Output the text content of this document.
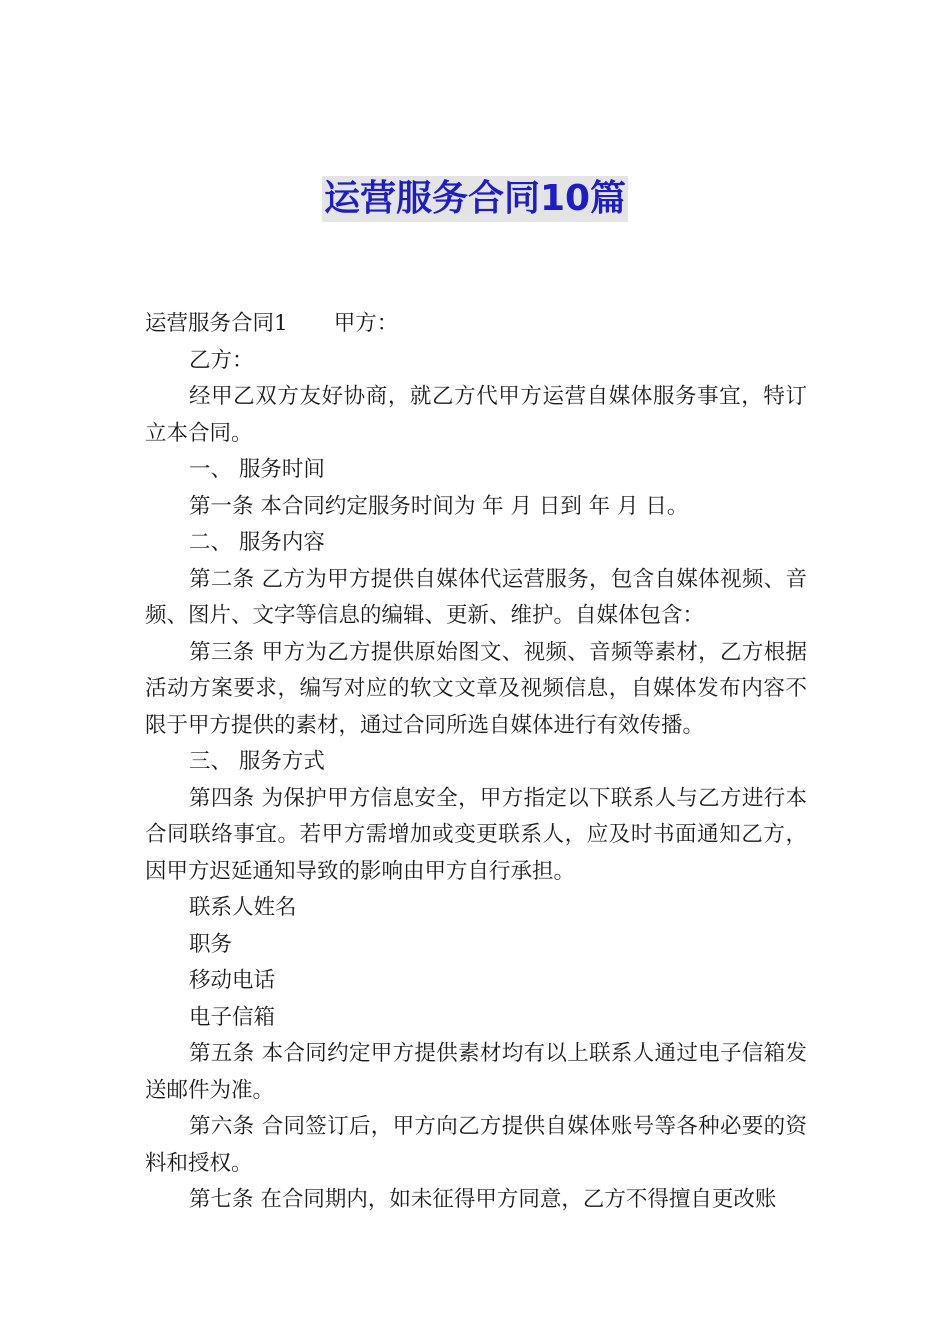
运营服务合同10篇

运营服务合同1 甲方：

乙方：

经甲乙双方友好协商，就乙方代甲方运营自媒体服务事宜，特订立本合同。

一、 服务时间

第一条 本合同约定服务时间为 年 月 日到 年 月 日。

二、 服务内容

第二条 乙方为甲方提供自媒体代运营服务，包含自媒体视频、音频、图片、文字等信息的编辑、更新、维护。自媒体包含：

第三条 甲方为乙方提供原始图文、视频、音频等素材，乙方根据活动方案要求，编写对应的软文文章及视频信息，自媒体发布内容不限于甲方提供的素材，通过合同所选自媒体进行有效传播。

三、 服务方式

第四条 为保护甲方信息安全，甲方指定以下联系人与乙方进行本合同联络事宜。若甲方需增加或变更联系人，应及时书面通知乙方，因甲方迟延通知导致的影响由甲方自行承担。

联系人姓名

职务

移动电话

电子信箱

第五条 本合同约定甲方提供素材均有以上联系人通过电子信箱发送邮件为准。

第六条 合同签订后，甲方向乙方提供自媒体账号等各种必要的资料和授权。

第七条 在合同期内，如未征得甲方同意，乙方不得擅自更改账
